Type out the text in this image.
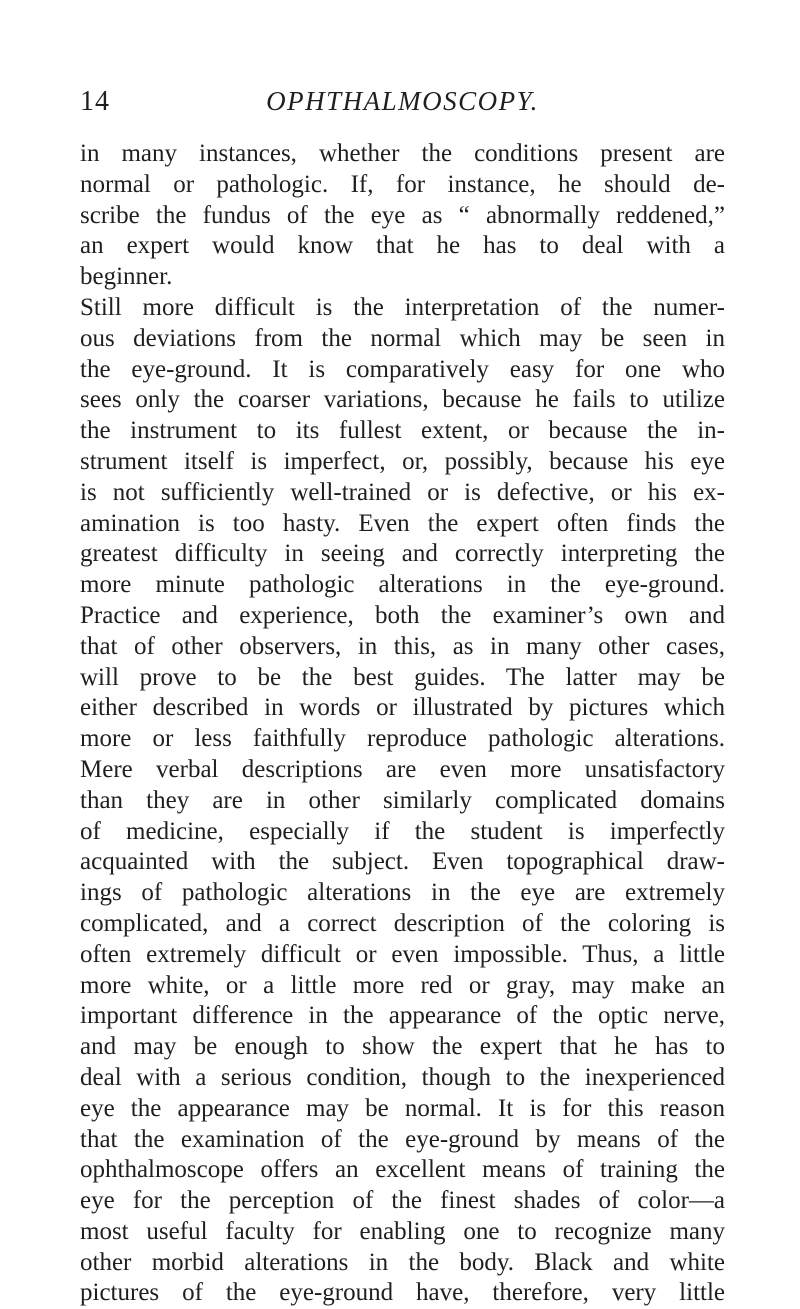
14	OPHTHALMOSCOPY.
in many instances, whether the conditions present are
normal or pathologic. If, for instance, he should de-
scribe the fundus of the eye as “ abnormally reddened,”
an expert would know that he has to deal with a
beginner.
Still more difficult is the interpretation of the numer-
ous deviations from the normal which may be seen in
the eye-ground. It is comparatively easy for one who
sees only the coarser variations, because he fails to utilize
the instrument to its fullest extent, or because the in-
strument itself is imperfect, or, possibly, because his eye
is not sufficiently well-trained or is defective, or his ex-
amination is too hasty. Even the expert often finds the
greatest difficulty in seeing and correctly interpreting the
more minute pathologic alterations in the eye-ground.
Practice and experience, both the examiner’s own and
that of other observers, in this, as in many other cases,
will prove to be the best guides. The latter may be
either described in words or illustrated by pictures which
more or less faithfully reproduce pathologic alterations.
Mere verbal descriptions are even more unsatisfactory
than they are in other similarly complicated domains
of medicine, especially if the student is imperfectly
acquainted with the subject. Even topographical draw-
ings of pathologic alterations in the eye are extremely
complicated, and a correct description of the coloring is
often extremely difficult or even impossible. Thus, a little
more white, or a little more red or gray, may make an
important difference in the appearance of the optic nerve,
and may be enough to show the expert that he has to
deal with a serious condition, though to the inexperienced
eye the appearance may be normal. It is for this reason
that the examination of the eye-ground by means of the
ophthalmoscope offers an excellent means of training the
eye for the perception of the finest shades of color—a
most useful faculty for enabling one to recognize many
other morbid alterations in the body. Black and white
pictures of the eye-ground have, therefore, very little
